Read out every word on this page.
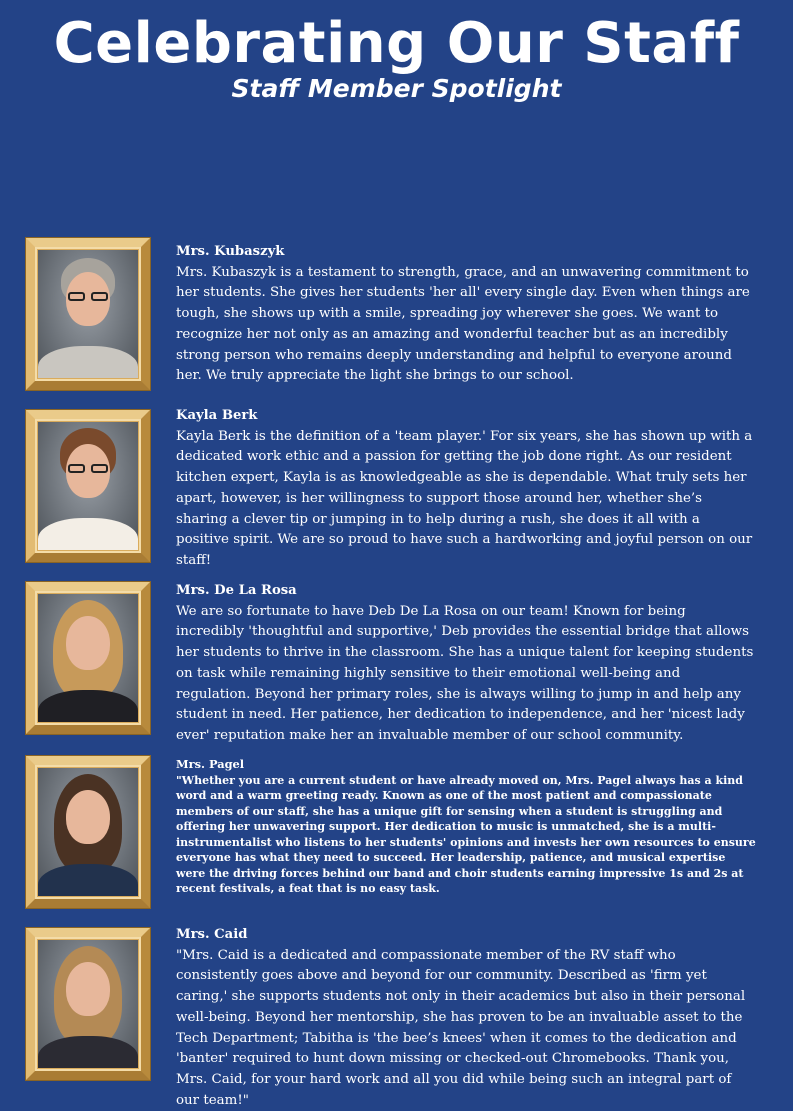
Celebrating Our Staff
Staff Member Spotlight
Mrs. Kubaszyk
Mrs. Kubaszyk is a testament to strength, grace, and an unwavering commitment to her students. She gives her students 'her all' every single day. Even when things are tough, she shows up with a smile, spreading joy wherever she goes. We want to recognize her not only as an amazing and wonderful teacher but as an incredibly strong person who remains deeply understanding and helpful to everyone around her. We truly appreciate the light she brings to our school.
Kayla Berk
Kayla Berk is the definition of a 'team player.' For six years, she has shown up with a dedicated work ethic and a passion for getting the job done right. As our resident kitchen expert, Kayla is as knowledgeable as she is dependable. What truly sets her apart, however, is her willingness to support those around her, whether she’s sharing a clever tip or jumping in to help during a rush, she does it all with a positive spirit. We are so proud to have such a hardworking and joyful person on our staff!
Mrs. De La Rosa
We are so fortunate to have Deb De La Rosa on our team! Known for being incredibly 'thoughtful and supportive,' Deb provides the essential bridge that allows her students to thrive in the classroom. She has a unique talent for keeping students on task while remaining highly sensitive to their emotional well-being and regulation. Beyond her primary roles, she is always willing to jump in and help any student in need. Her patience, her dedication to independence, and her 'nicest lady ever' reputation make her an invaluable member of our school community.
Mrs. Pagel
"Whether you are a current student or have already moved on, Mrs. Pagel always has a kind word and a warm greeting ready. Known as one of the most patient and compassionate members of our staff, she has a unique gift for sensing when a student is struggling and offering her unwavering support. Her dedication to music is unmatched, she is a multi-instrumentalist who listens to her students' opinions and invests her own resources to ensure everyone has what they need to succeed. Her leadership, patience, and musical expertise were the driving forces behind our band and choir students earning impressive 1s and 2s at recent festivals, a feat that is no easy task.
Mrs. Caid
"Mrs. Caid is a dedicated and compassionate member of the RV staff who consistently goes above and beyond for our community. Described as 'firm yet caring,' she supports students not only in their academics but also in their personal well-being. Beyond her mentorship, she has proven to be an invaluable asset to the Tech Department; Tabitha is 'the bee’s knees' when it comes to the dedication and 'banter' required to hunt down missing or checked-out Chromebooks. Thank you, Mrs. Caid, for your hard work and all you did while being such an integral part of our team!"
